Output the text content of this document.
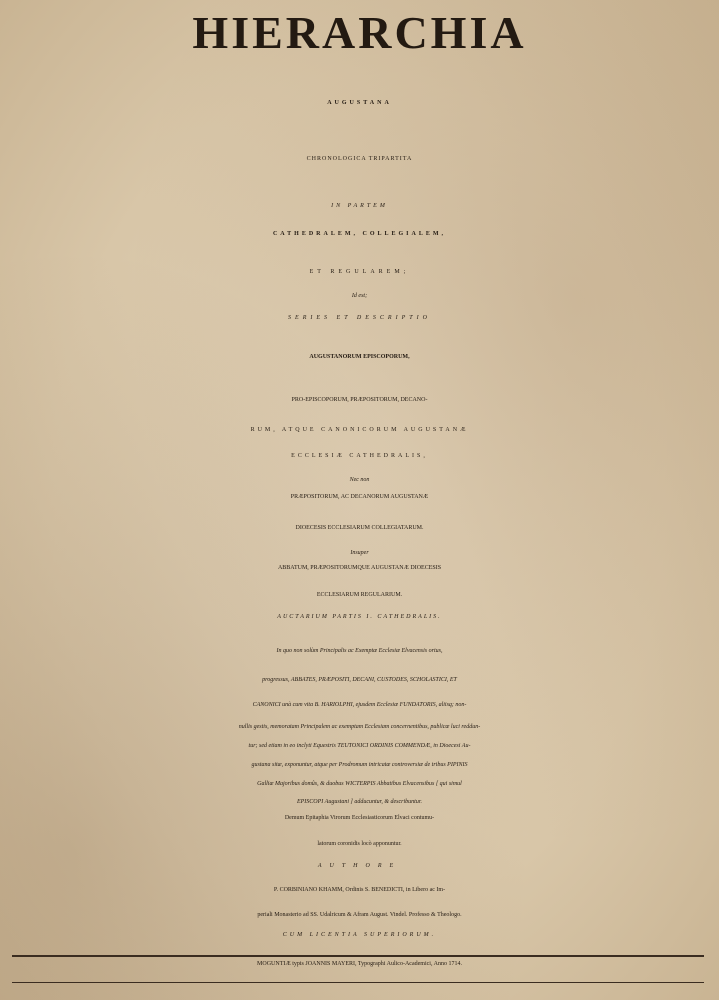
HIERARCHIA
AUGUSTANA
CHRONOLOGICA TRIPARTITA
IN PARTEM
CATHEDRALEM, COLLEGIALEM,
ET REGULAREM;
Id est;
SERIES ET DESCRIPTIO
AUGUSTANORUM EPISCOPORUM,
PRO-EPISCOPORUM, PRÆPOSITORUM, DECANO-
RUM, ATQUE CANONICORUM AUGUSTANÆ
ECCLESIÆ CATHEDRALIS,
Nec non
PRÆPOSITORUM, AC DECANORUM AUGUSTANÆ
DIOECESIS ECCLESIARUM COLLEGIATARUM.
Insuper
ABBATUM, PRÆPOSITORUMQUE AUGUSTANÆ DIOECESIS
ECCLESIARUM REGULARIUM.
AUCTARIUM PARTIS I. CATHEDRALIS.
In quo non solùm Principalis ac Exemptæ Ecclesiæ Elvacensis ortus,
progressus, ABBATES, PRÆPOSITI, DECANI, CUSTODES, SCHOLASTICI, ET
CANONICI unà cum vita B. HARIOLPHI, ejusdem Ecclesiæ FUNDATORIS, aliisq; non-
nullis gestis, memoratam Principalem ac exemptam Ecclesiam concernentibus, publicæ luci reddun-
tur; sed etiam in eo inclyti Equestris TEUTONICI ORDINIS COMMENDÆ, in Dioecesi Au-
gustana sitæ, exponuntur, atque per Prodromum intricatæ controversiæ de tribus PIPINIS
Galliæ Majoribus domûs, & duobus WICTERPIS Abbatibus Elvacensibus [ qui simul
EPISCOPI Augustani ] adducuntur, & describuntur.
Demum Epitaphia Virorum Ecclesiasticorum Elvaci contumu-
latorum coronidis locò apponuntur.
AUTHORE
P. CORBINIANO KHAMM, Ordinis S. BENEDICTI, in Libero ac Im-
periali Monasterio ad SS. Udalricum & Afram August. Vindel. Professo & Theologo.
CUM LICENTIA SUPERIORUM.
MOGUNTIÆ typis JOANNIS MAYERI, Typographi Aulico-Academici, Anno 1714.
